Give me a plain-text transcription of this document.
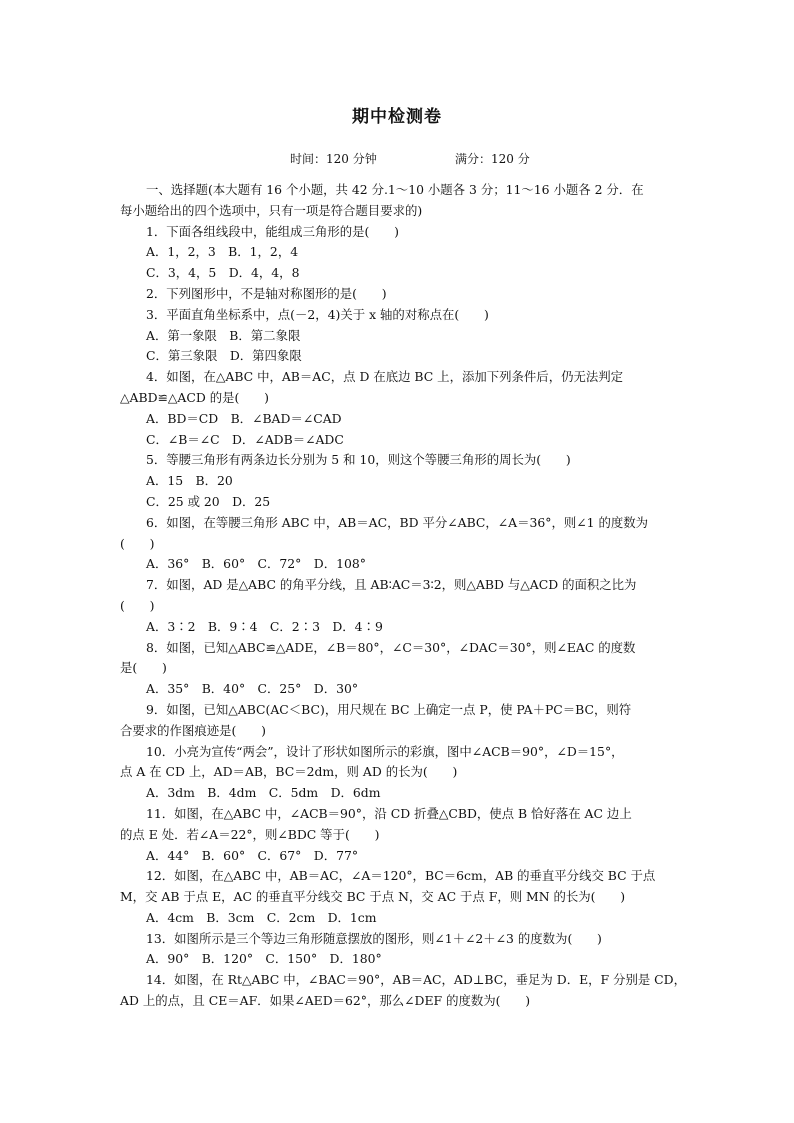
期中检测卷
时间：120 分钟	满分：120 分
一、选择题(本大题有 16 个小题，共 42 分.1～10 小题各 3 分；11～16 小题各 2 分．在
每小题给出的四个选项中，只有一项是符合题目要求的)
1．下面各组线段中，能组成三角形的是(　　)
A．1，2，3　B．1，2，4
C．3，4，5　D．4，4，8
2．下列图形中，不是轴对称图形的是(　　)
3．平面直角坐标系中，点(－2，4)关于 x 轴的对称点在(　　)
A．第一象限　B．第二象限
C．第三象限　D．第四象限
4．如图，在△ABC 中，AB＝AC，点 D 在底边 BC 上，添加下列条件后，仍无法判定
△ABD≌△ACD 的是(　　)
A．BD＝CD　B．∠BAD＝∠CAD
C．∠B＝∠C　D．∠ADB＝∠ADC
5．等腰三角形有两条边长分别为 5 和 10，则这个等腰三角形的周长为(　　)
A．15　B．20
C．25 或 20　D．25
6．如图，在等腰三角形 ABC 中，AB＝AC，BD 平分∠ABC，∠A＝36°，则∠1 的度数为
(　　)
A．36°　B．60°　C．72°　D．108°
7．如图，AD 是△ABC 的角平分线，且 AB∶AC＝3∶2，则△ABD 与△ACD 的面积之比为
(　　)
A．3∶2　B．9∶4　C．2∶3　D．4∶9
8．如图，已知△ABC≌△ADE，∠B＝80°，∠C＝30°，∠DAC＝30°，则∠EAC 的度数
是(　　)
A．35°　B．40°　C．25°　D．30°
9．如图，已知△ABC(AC＜BC)，用尺规在 BC 上确定一点 P，使 PA＋PC＝BC，则符
合要求的作图痕迹是(　　)
10．小亮为宣传“两会”，设计了形状如图所示的彩旗，图中∠ACB＝90°，∠D＝15°，
点 A 在 CD 上，AD＝AB，BC＝2dm，则 AD 的长为(　　)
A．3dm　B．4dm　C．5dm　D．6dm
11．如图，在△ABC 中，∠ACB＝90°，沿 CD 折叠△CBD，使点 B 恰好落在 AC 边上
的点 E 处．若∠A＝22°，则∠BDC 等于(　　)
A．44°　B．60°　C．67°　D．77°
12．如图，在△ABC 中，AB＝AC，∠A＝120°，BC＝6cm，AB 的垂直平分线交 BC 于点
M，交 AB 于点 E，AC 的垂直平分线交 BC 于点 N，交 AC 于点 F，则 MN 的长为(　　)
A．4cm　B．3cm　C．2cm　D．1cm
13．如图所示是三个等边三角形随意摆放的图形，则∠1＋∠2＋∠3 的度数为(　　)
A．90°　B．120°　C．150°　D．180°
14．如图，在 Rt△ABC 中，∠BAC＝90°，AB＝AC，AD⊥BC，垂足为 D．E，F 分别是 CD，
AD 上的点，且 CE＝AF．如果∠AED＝62°，那么∠DEF 的度数为(　　)
